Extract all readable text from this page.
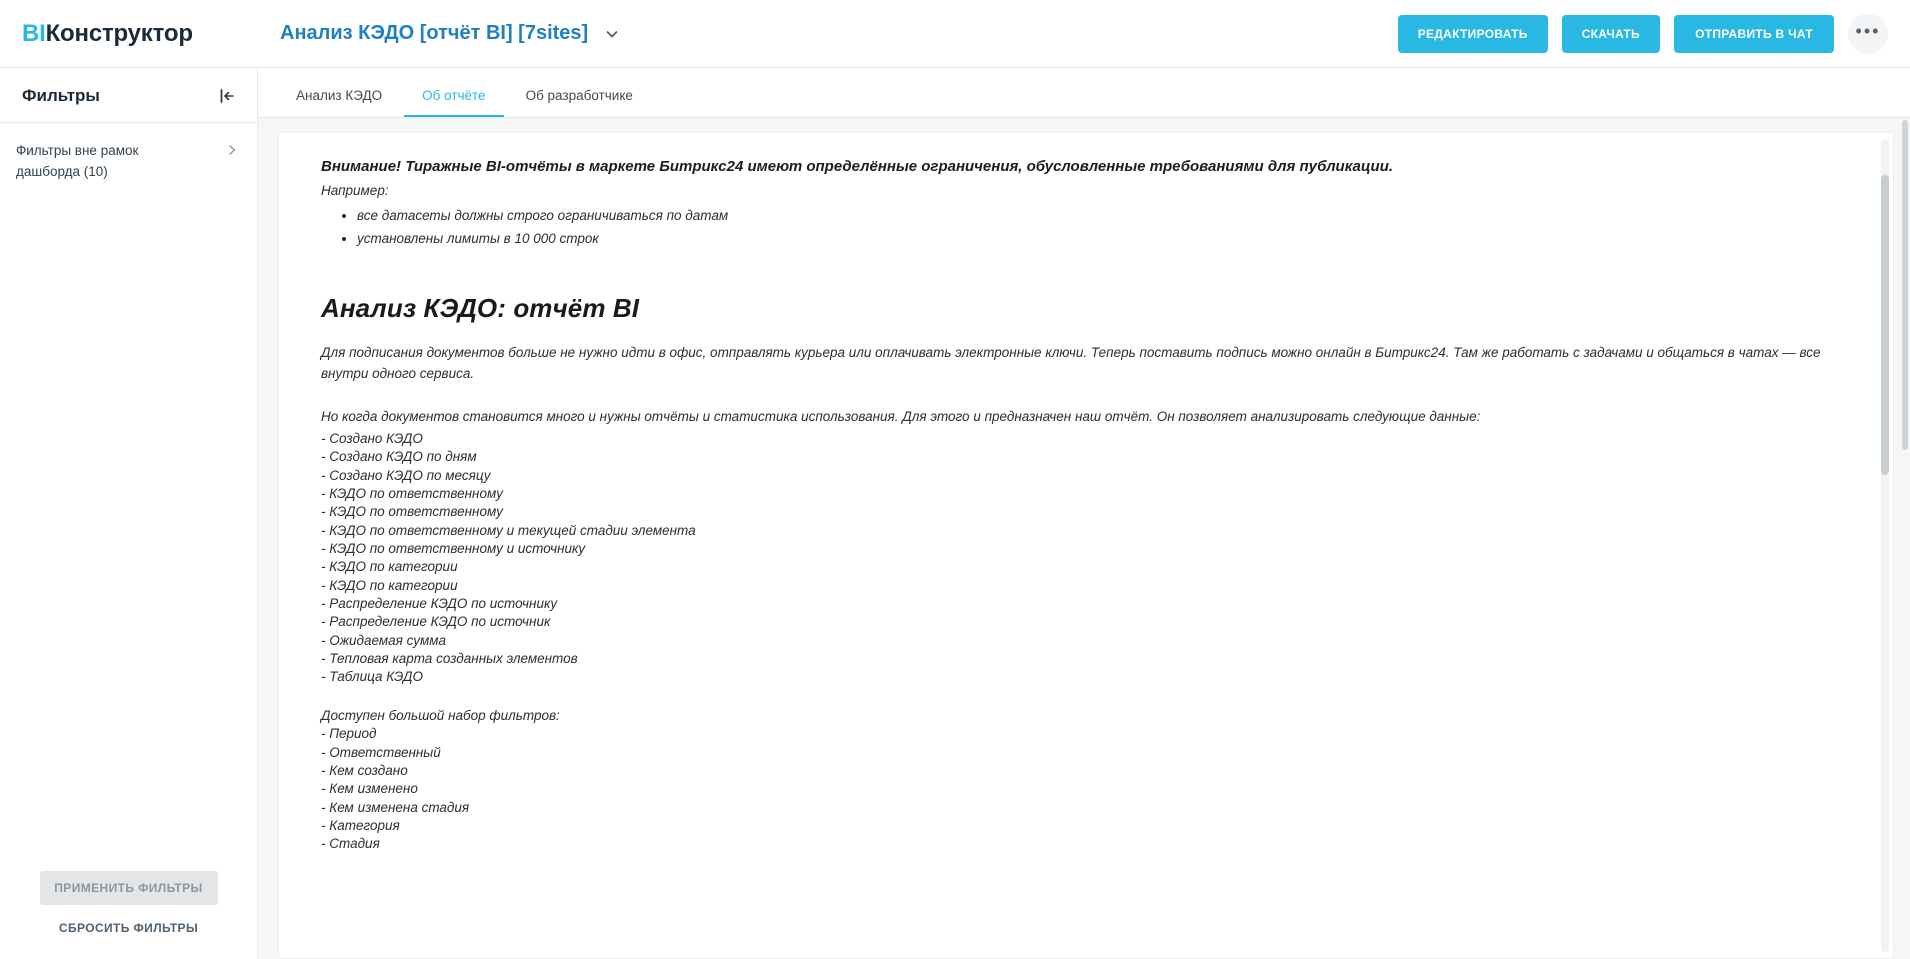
BIКонструктор	Анализ КЭДО [отчёт BI] [7sites]	РЕДАКТИРОВАТЬ	СКАЧАТЬ	ОТПРАВИТЬ В ЧАТ	•••
Фильтры
Фильтры вне рамок дашборда (10)
ПРИМЕНИТЬ ФИЛЬТРЫ
СБРОСИТЬ ФИЛЬТРЫ
Анализ КЭДО	Об отчёте	Об разработчике
Внимание! Тиражные BI-отчёты в маркете Битрикс24 имеют определённые ограничения, обусловленные требованиями для публикации.
Например:
• все датасеты должны строго ограничиваться по датам
• установлены лимиты в 10 000 строк
Анализ КЭДО: отчёт BI

Для подписания документов больше не нужно идти в офис, отправлять курьера или оплачивать электронные ключи. Теперь поставить подпись можно онлайн в Битрикс24. Там же работать с задачами и общаться в чатах — все внутри одного сервиса.

Но когда документов становится много и нужны отчёты и статистика использования. Для этого и предназначен наш отчёт. Он позволяет анализировать следующие данные:
- Создано КЭДО
- Создано КЭДО по дням
- Создано КЭДО по месяцу
- КЭДО по ответственному
- КЭДО по ответственному
- КЭДО по ответственному и текущей стадии элемента
- КЭДО по ответственному и источнику
- КЭДО по категории
- КЭДО по категории
- Распределение КЭДО по источнику
- Распределение КЭДО по источник
- Ожидаемая сумма
- Тепловая карта созданных элементов
- Таблица КЭДО
Доступен большой набор фильтров:
- Период
- Ответственный
- Кем создано
- Кем изменено
- Кем изменена стадия
- Категория
- Стадия
